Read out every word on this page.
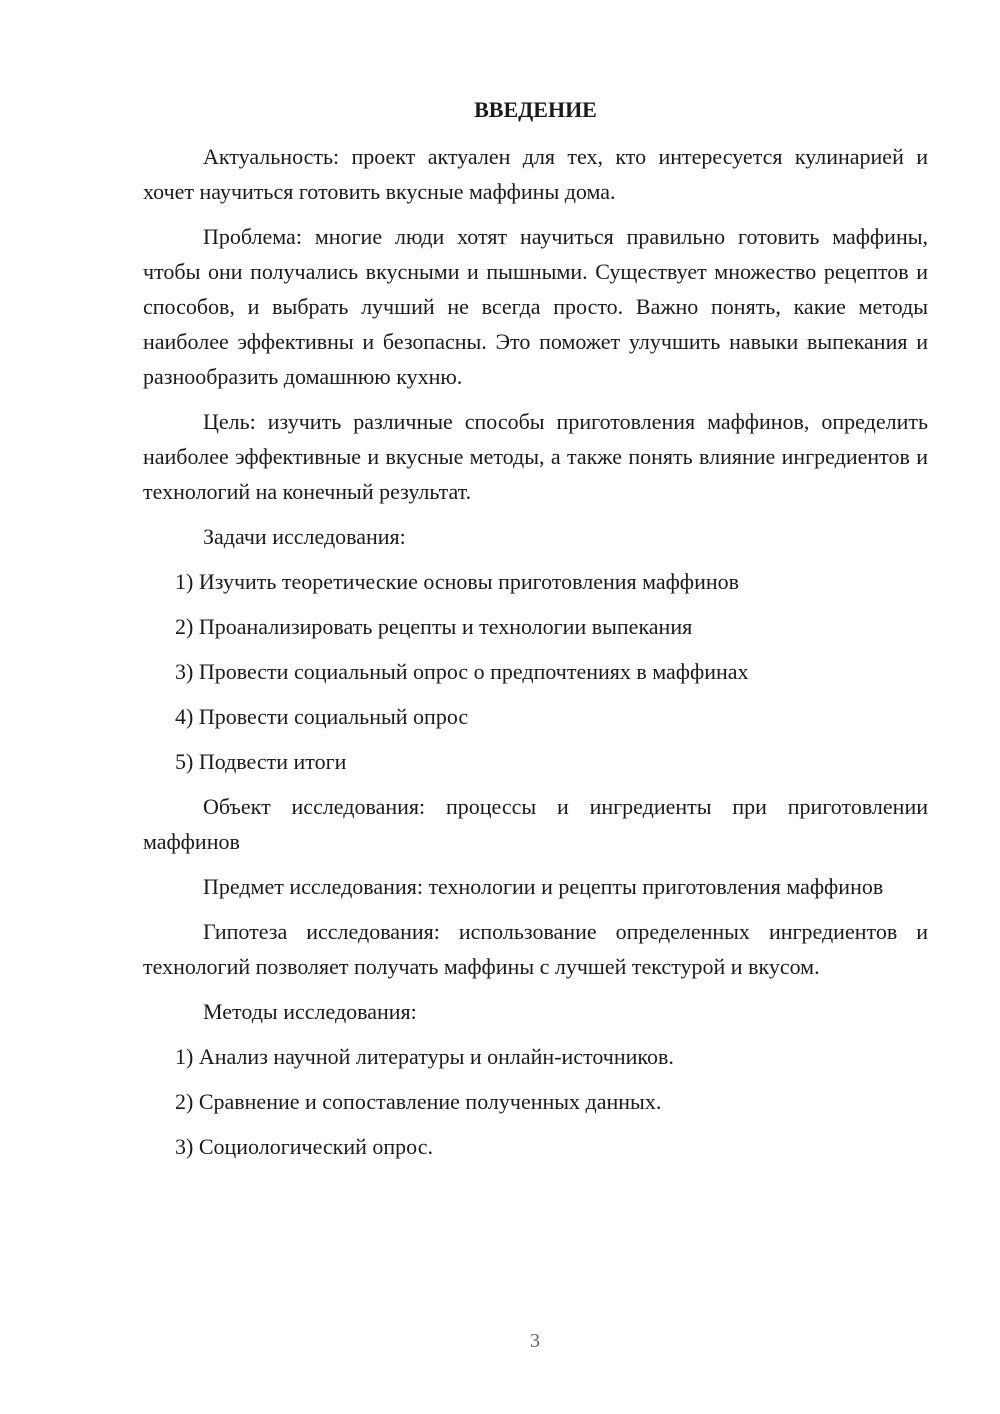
ВВЕДЕНИЕ

Актуальность: проект актуален для тех, кто интересуется кулинарией и хочет научиться готовить вкусные маффины дома.

Проблема: многие люди хотят научиться правильно готовить маффины, чтобы они получались вкусными и пышными. Существует множество рецептов и способов, и выбрать лучший не всегда просто. Важно понять, какие методы наиболее эффективны и безопасны. Это поможет улучшить навыки выпекания и разнообразить домашнюю кухню.

Цель: изучить различные способы приготовления маффинов, определить наиболее эффективные и вкусные методы, а также понять влияние ингредиентов и технологий на конечный результат.

Задачи исследования:

1) Изучить теоретические основы приготовления маффинов

2) Проанализировать рецепты и технологии выпекания

3) Провести социальный опрос о предпочтениях в маффинах

4) Провести социальный опрос

5) Подвести итоги

Объект исследования: процессы и ингредиенты при приготовлении маффинов

Предмет исследования: технологии и рецепты приготовления маффинов

Гипотеза исследования: использование определенных ингредиентов и технологий позволяет получать маффины с лучшей текстурой и вкусом.

Методы исследования:

1) Анализ научной литературы и онлайн-источников.

2) Сравнение и сопоставление полученных данных.

3) Социологический опрос.

3
